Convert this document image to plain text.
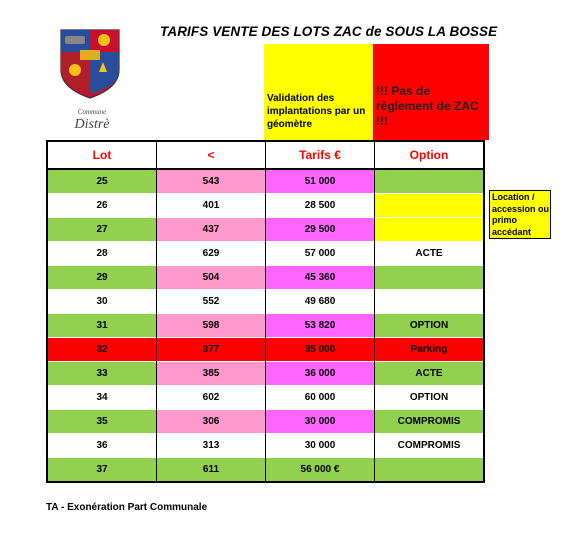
TARIFS VENTE DES LOTS ZAC de SOUS LA BOSSE
Commune
Distrè
Validation des implantations par un géomètre
!!! Pas de règlement de ZAC !!!
Lot	<	Tarifs €	Option
25	543	51 000	
26	401	28 500	
27	437	29 500	
28	629	57 000	ACTE
29	504	45 360	
30	552	49 680	
31	598	53 820	OPTION
32	377	35 000	Parking
33	385	36 000	ACTE
34	602	60 000	OPTION
35	306	30 000	COMPROMIS
36	313	30 000	COMPROMIS
37	611	56 000 €	
Location / accession ou primo accédant
TA - Exonération Part Communale
